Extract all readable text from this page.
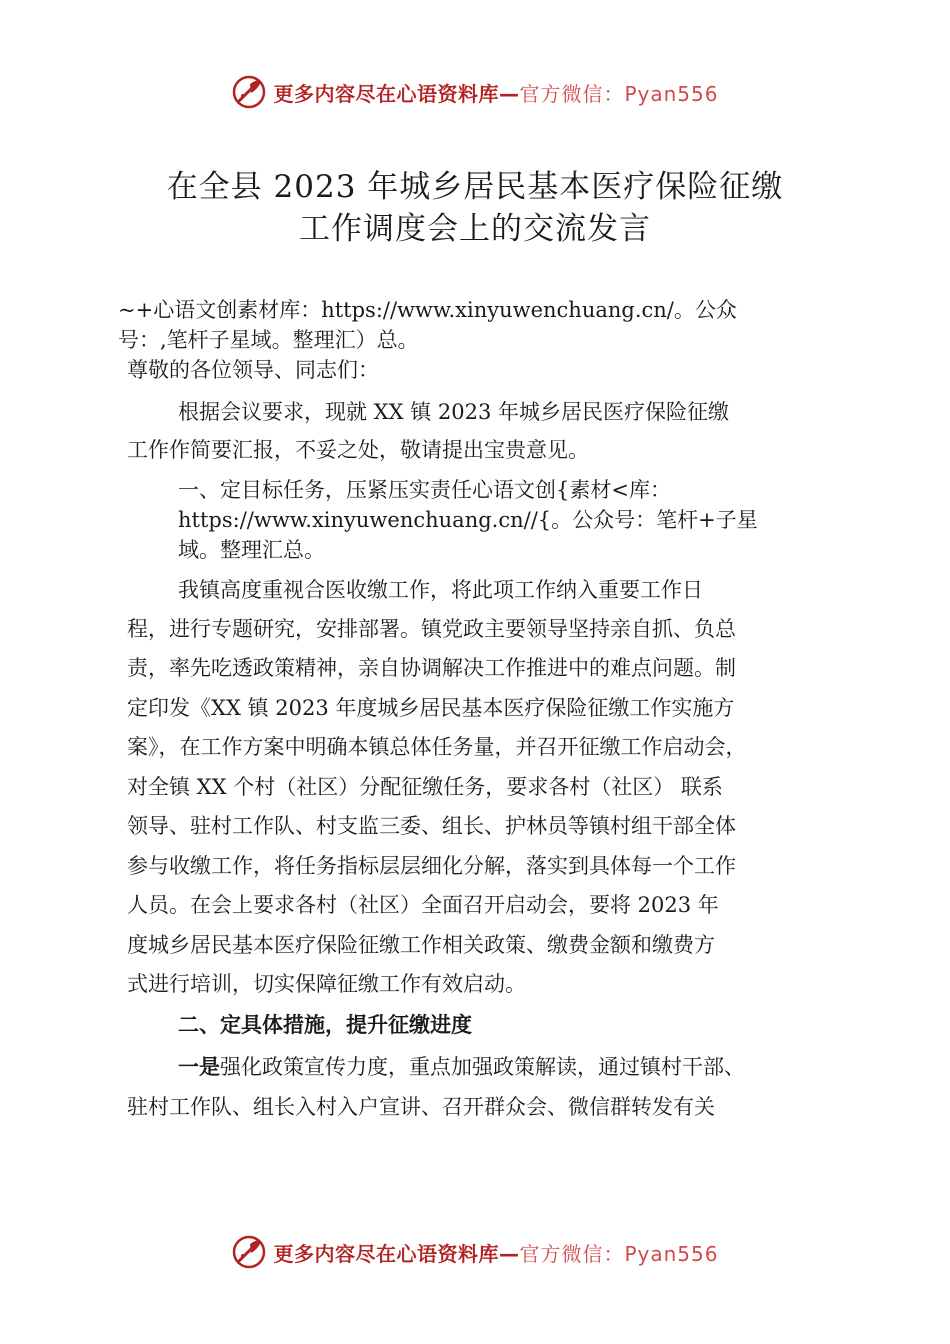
更多内容尽在心语资料库—官方微信：Pyan556
在全县 2023 年城乡居民基本医疗保险征缴
工作调度会上的交流发言
~+心语文创素材库：https://www.xinyuwenchuang.cn/。公众
号：,笔杆子星域。整理汇）总。
尊敬的各位领导、同志们：
根据会议要求，现就 XX 镇 2023 年城乡居民医疗保险征缴
工作作简要汇报，不妥之处，敬请提出宝贵意见。
一、定目标任务，压紧压实责任心语文创{素材<库：
https://www.xinyuwenchuang.cn//{。公众号：笔杆+子星
域。整理汇总。
我镇高度重视合医收缴工作，将此项工作纳入重要工作日
程，进行专题研究，安排部署。镇党政主要领导坚持亲自抓、负总
责，率先吃透政策精神，亲自协调解决工作推进中的难点问题。制
定印发《XX 镇 2023 年度城乡居民基本医疗保险征缴工作实施方
案》，在工作方案中明确本镇总体任务量，并召开征缴工作启动会，
对全镇 XX 个村（社区）分配征缴任务，要求各村（社区） 联系
领导、驻村工作队、村支监三委、组长、护林员等镇村组干部全体
参与收缴工作，将任务指标层层细化分解，落实到具体每一个工作
人员。在会上要求各村（社区）全面召开启动会，要将 2023 年
度城乡居民基本医疗保险征缴工作相关政策、缴费金额和缴费方
式进行培训，切实保障征缴工作有效启动。
二、定具体措施，提升征缴进度
一是强化政策宣传力度，重点加强政策解读，通过镇村干部、
驻村工作队、组长入村入户宣讲、召开群众会、微信群转发有关
更多内容尽在心语资料库—官方微信：Pyan556
